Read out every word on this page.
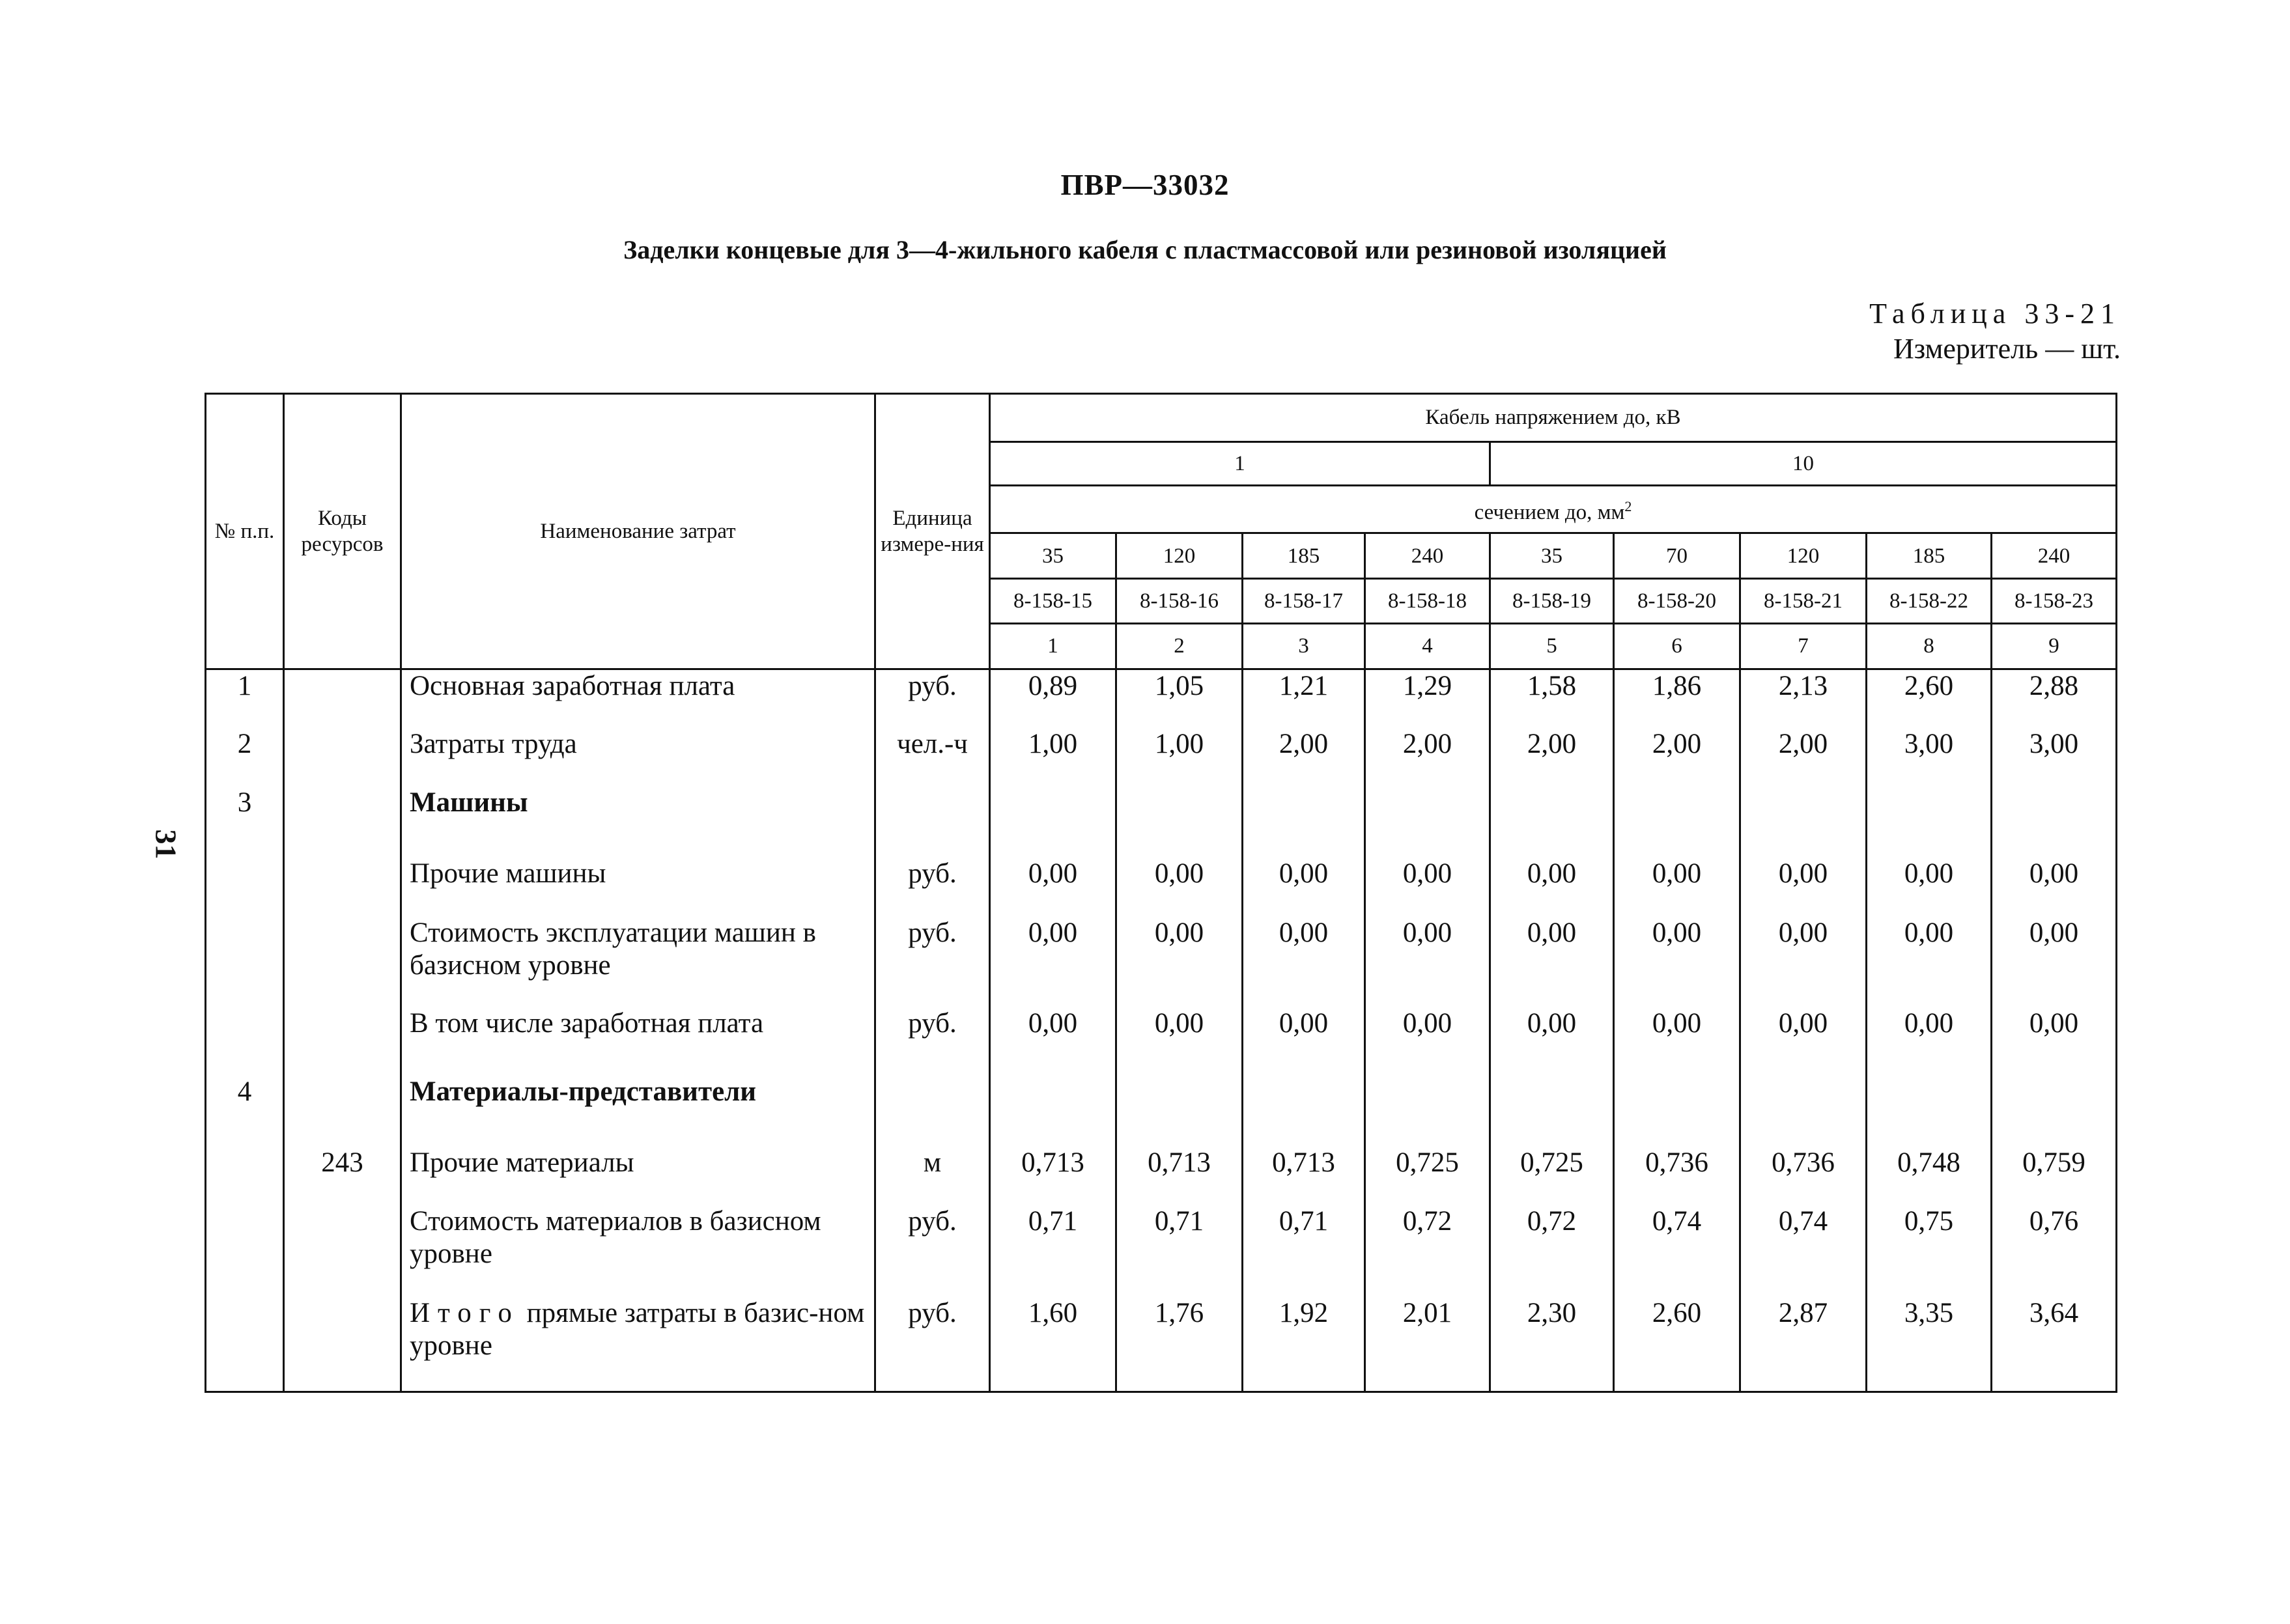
ПВР—33032
Заделки концевые для 3—4-жильного кабеля с пластмассовой или резиновой изоляцией
Таблица 33-21
Измеритель — шт.
31
№ п.п.	Коды ресурсов	Наименование затрат	Единица измере-ния	Кабель напряжением до, кВ								
				1				10				
				сечением до, $мм^2$
				35	120	185	240	35	70	120	185	240
				8-158-15	8-158-16	8-158-17	8-158-18	8-158-19	8-158-20	8-158-21	8-158-22	8-158-23
				1	2	3	4	5	6	7	8	9
1		Основная заработная плата	руб.	0,89	1,05	1,21	1,29	1,58	1,86	2,13	2,60	2,88
2		Затраты труда	чел.-ч	1,00	1,00	2,00	2,00	2,00	2,00	2,00	3,00	3,00
3		Машины										
		Прочие машины	руб.	0,00	0,00	0,00	0,00	0,00	0,00	0,00	0,00	0,00
		Стоимость эксплуатации машин в базисном уровне	руб.	0,00	0,00	0,00	0,00	0,00	0,00	0,00	0,00	0,00
		В том числе заработная плата	руб.	0,00	0,00	0,00	0,00	0,00	0,00	0,00	0,00	0,00
4		Материалы-представители										
	243	Прочие материалы	м	0,713	0,713	0,713	0,725	0,725	0,736	0,736	0,748	0,759
		Стоимость материалов в базисном уровне	руб.	0,71	0,71	0,71	0,72	0,72	0,74	0,74	0,75	0,76
		Итого прямые затраты в базис-ном уровне	руб.	1,60	1,76	1,92	2,01	2,30	2,60	2,87	3,35	3,64
